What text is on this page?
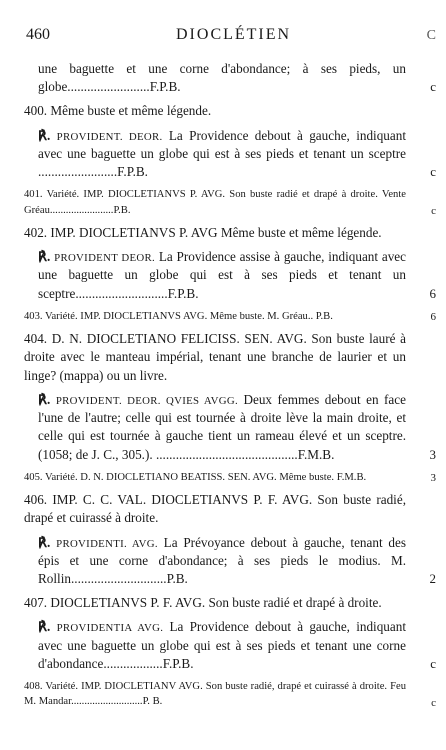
460	DIOCLÉTIEN	C
une baguette et une corne d'abondance; à ses pieds, un globe.........................F.P.B.	c
400. Même buste et même légende.
℟. PROVIDENT. DEOR. La Providence debout à gauche, indiquant avec une baguette un globe qui est à ses pieds et tenant un sceptre ........................F.P.B.	c
401. Variété. IMP. DIOCLETIANVS P. AVG. Son buste radié et drapé à droite. Vente Gréau........................P.B.	c
402. IMP. DIOCLETIANVS P. AVG Même buste et même légende.
℟. PROVIDENT DEOR. La Providence assise à gauche, indiquant avec une baguette un globe qui est à ses pieds et tenant un sceptre............................F.P.B.	6
403. Variété. IMP. DIOCLETIANVS AVG. Même buste. M. Gréau.. P.B.	6
404. D. N. DIOCLETIANO FELICISS. SEN. AVG. Son buste lauré à droite avec le manteau impérial, tenant une branche de laurier et un linge? (mappa) ou un livre.
℟. PROVIDENT. DEOR. QVIES AVGG. Deux femmes debout en face l'une de l'autre; celle qui est tournée à droite lève la main droite, et celle qui est tournée à gauche tient un rameau élevé et un sceptre. (1058; de J. C., 305.). ...........................................F.M.B.	3
405. Variété. D. N. DIOCLETIANO BEATISS. SEN. AVG. Même buste. F.M.B.	3
406. IMP. C. C. VAL. DIOCLETIANVS P. F. AVG. Son buste radié, drapé et cuirassé à droite.
℟. PROVIDENTI. AVG. La Prévoyance debout à gauche, tenant des épis et une corne d'abondance; à ses pieds le modius. M. Rollin.............................P.B.	2
407. DIOCLETIANVS P. F. AVG. Son buste radié et drapé à droite.
℟. PROVIDENTIA AVG. La Providence debout à gauche, indiquant avec une baguette un globe qui est à ses pieds et tenant une corne d'abondance..................F.P.B.	c
408. Variété. IMP. DIOCLETIANV AVG. Son buste radié, drapé et cuirassé à droite. Feu M. Mandar...........................P. B.	c
